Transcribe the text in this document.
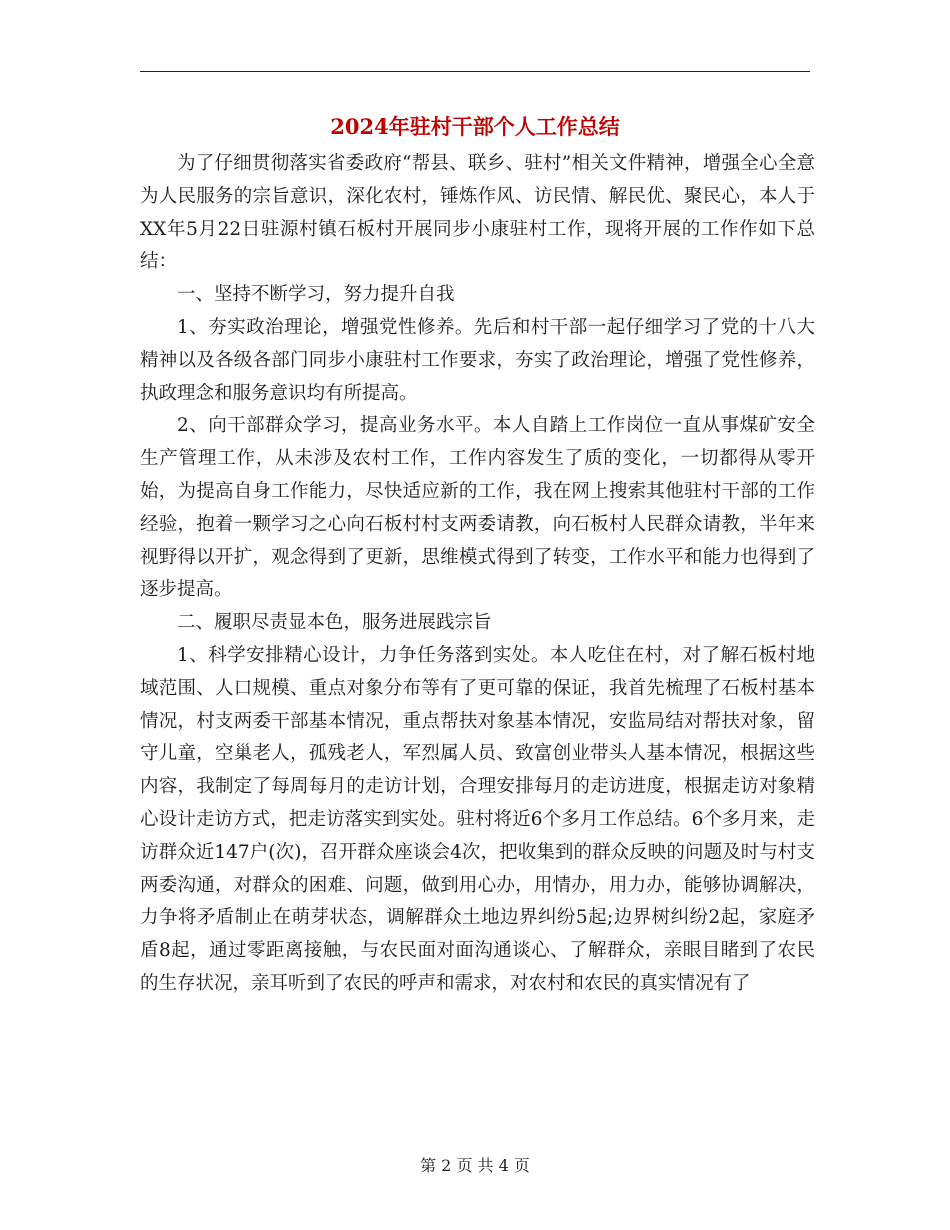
2024年驻村干部个人工作总结

为了仔细贯彻落实省委政府“帮县、联乡、驻村”相关文件精神，增强全心全意为人民服务的宗旨意识，深化农村，锤炼作风、访民情、解民优、聚民心，本人于XX年5月22日驻源村镇石板村开展同步小康驻村工作，现将开展的工作作如下总结：

一、坚持不断学习，努力提升自我

1、夯实政治理论，增强党性修养。先后和村干部一起仔细学习了党的十八大精神以及各级各部门同步小康驻村工作要求，夯实了政治理论，增强了党性修养，执政理念和服务意识均有所提高。

2、向干部群众学习，提高业务水平。本人自踏上工作岗位一直从事煤矿安全生产管理工作，从未涉及农村工作，工作内容发生了质的变化，一切都得从零开始，为提高自身工作能力，尽快适应新的工作，我在网上搜索其他驻村干部的工作经验，抱着一颗学习之心向石板村村支两委请教，向石板村人民群众请教，半年来视野得以开扩，观念得到了更新，思维模式得到了转变，工作水平和能力也得到了逐步提高。

二、履职尽责显本色，服务进展践宗旨

1、科学安排精心设计，力争任务落到实处。本人吃住在村，对了解石板村地域范围、人口规模、重点对象分布等有了更可靠的保证，我首先梳理了石板村基本情况，村支两委干部基本情况，重点帮扶对象基本情况，安监局结对帮扶对象，留守儿童，空巢老人，孤残老人，军烈属人员、致富创业带头人基本情况，根据这些内容，我制定了每周每月的走访计划，合理安排每月的走访进度，根据走访对象精心设计走访方式，把走访落实到实处。驻村将近6个多月工作总结。6个多月来，走访群众近147户(次)，召开群众座谈会4次，把收集到的群众反映的问题及时与村支两委沟通，对群众的困难、问题，做到用心办，用情办，用力办，能够协调解决，力争将矛盾制止在萌芽状态，调解群众土地边界纠纷5起;边界树纠纷2起，家庭矛盾8起，通过零距离接触，与农民面对面沟通谈心、了解群众，亲眼目睹到了农民的生存状况，亲耳听到了农民的呼声和需求，对农村和农民的真实情况有了

第 2 页 共 4 页
